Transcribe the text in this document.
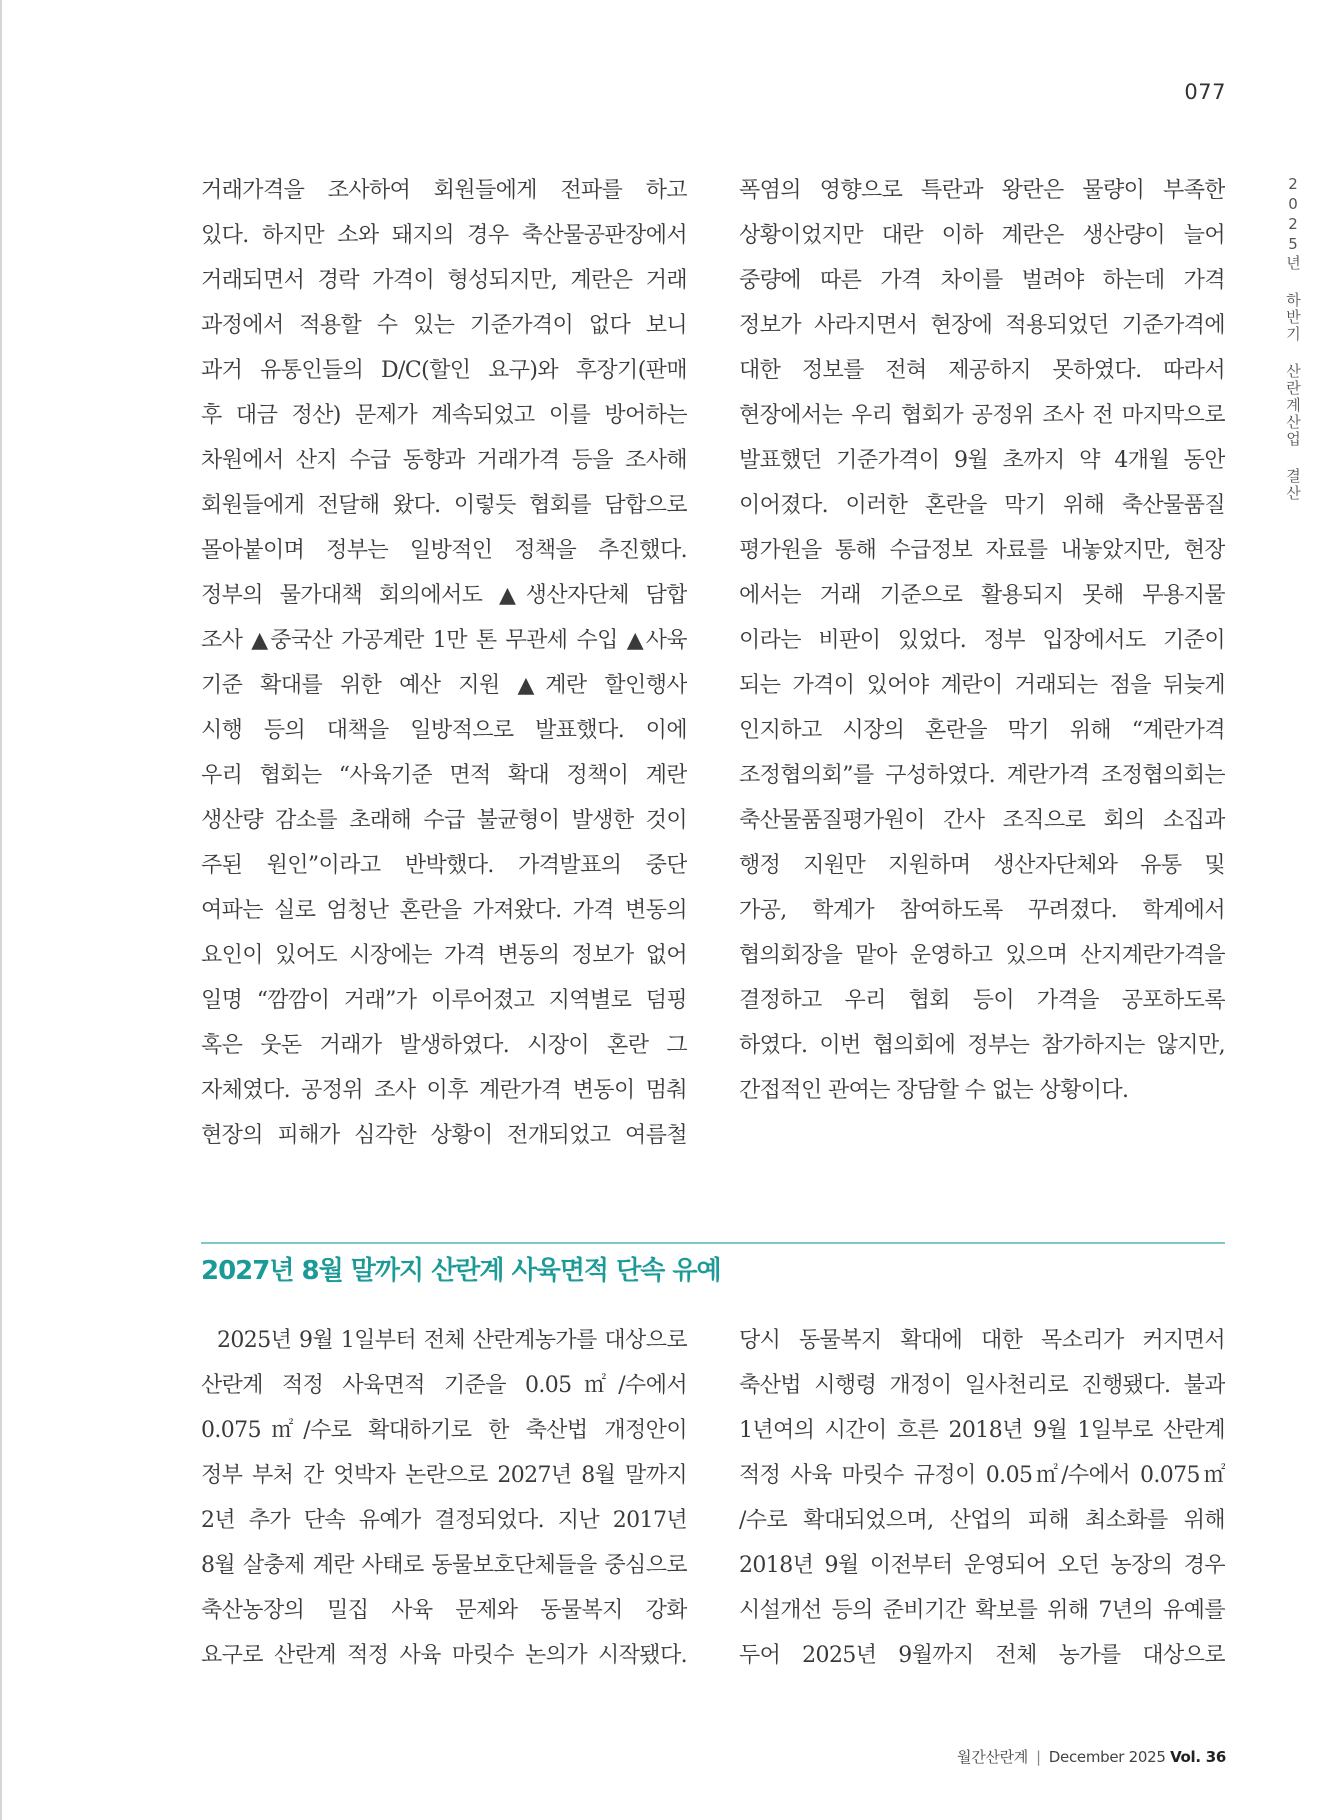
077
2025년 하반기 산란계산업 결산

거래가격을 조사하여 회원들에게 전파를 하고

있다. 하지만 소와 돼지의 경우 축산물공판장에서

거래되면서 경락 가격이 형성되지만, 계란은 거래

과정에서 적용할 수 있는 기준가격이 없다 보니

과거 유통인들의 D/C(할인 요구)와 후장기(판매

후 대금 정산) 문제가 계속되었고 이를 방어하는

차원에서 산지 수급 동향과 거래가격 등을 조사해

회원들에게 전달해 왔다. 이렇듯 협회를 담합으로

몰아붙이며 정부는 일방적인 정책을 추진했다.

정부의 물가대책 회의에서도 ▲생산자단체 담합

조사 ▲중국산 가공계란 1만 톤 무관세 수입 ▲사육

기준 확대를 위한 예산 지원 ▲계란 할인행사

시행 등의 대책을 일방적으로 발표했다. 이에

우리 협회는 “사육기준 면적 확대 정책이 계란

생산량 감소를 초래해 수급 불균형이 발생한 것이

주된 원인”이라고 반박했다. 가격발표의 중단

여파는 실로 엄청난 혼란을 가져왔다. 가격 변동의

요인이 있어도 시장에는 가격 변동의 정보가 없어

일명 “깜깜이 거래”가 이루어졌고 지역별로 덤핑

혹은 웃돈 거래가 발생하였다. 시장이 혼란 그

자체였다. 공정위 조사 이후 계란가격 변동이 멈춰

현장의 피해가 심각한 상황이 전개되었고 여름철

폭염의 영향으로 특란과 왕란은 물량이 부족한

상황이었지만 대란 이하 계란은 생산량이 늘어

중량에 따른 가격 차이를 벌려야 하는데 가격

정보가 사라지면서 현장에 적용되었던 기준가격에

대한 정보를 전혀 제공하지 못하였다. 따라서

현장에서는 우리 협회가 공정위 조사 전 마지막으로

발표했던 기준가격이 9월 초까지 약 4개월 동안

이어졌다. 이러한 혼란을 막기 위해 축산물품질

평가원을 통해 수급정보 자료를 내놓았지만, 현장

에서는 거래 기준으로 활용되지 못해 무용지물

이라는 비판이 있었다. 정부 입장에서도 기준이

되는 가격이 있어야 계란이 거래되는 점을 뒤늦게

인지하고 시장의 혼란을 막기 위해 “계란가격

조정협의회”를 구성하였다. 계란가격 조정협의회는

축산물품질평가원이 간사 조직으로 회의 소집과

행정 지원만 지원하며 생산자단체와 유통 및

가공, 학계가 참여하도록 꾸려졌다. 학계에서

협의회장을 맡아 운영하고 있으며 산지계란가격을

결정하고 우리 협회 등이 가격을 공포하도록

하였다. 이번 협의회에 정부는 참가하지는 않지만,

간접적인 관여는 장담할 수 없는 상황이다.

2027년 8월 말까지 산란계 사육면적 단속 유예

2025년 9월 1일부터 전체 산란계농가를 대상으로

산란계 적정 사육면적 기준을 0.05㎡/수에서

0.075㎡/수로 확대하기로 한 축산법 개정안이

정부 부처 간 엇박자 논란으로 2027년 8월 말까지

2년 추가 단속 유예가 결정되었다. 지난 2017년

8월 살충제 계란 사태로 동물보호단체들을 중심으로

축산농장의 밀집 사육 문제와 동물복지 강화

요구로 산란계 적정 사육 마릿수 논의가 시작됐다.

당시 동물복지 확대에 대한 목소리가 커지면서

축산법 시행령 개정이 일사천리로 진행됐다. 불과

1년여의 시간이 흐른 2018년 9월 1일부로 산란계

적정 사육 마릿수 규정이 0.05㎡/수에서 0.075㎡

/수로 확대되었으며, 산업의 피해 최소화를 위해

2018년 9월 이전부터 운영되어 오던 농장의 경우

시설개선 등의 준비기간 확보를 위해 7년의 유예를

두어 2025년 9월까지 전체 농가를 대상으로

월간산란계 | December 2025 Vol. 36
